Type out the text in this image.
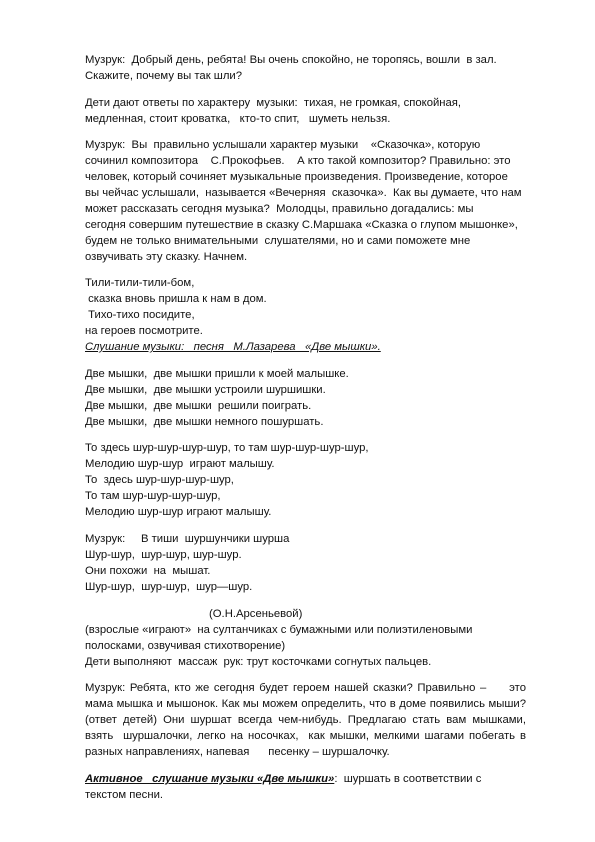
Музрук:  Добрый день, ребята! Вы очень спокойно, не торопясь, вошли  в зал.
Скажите, почему вы так шли?
Дети дают ответы по характеру  музыки:  тихая, не громкая, спокойная,
медленная, стоит кроватка,   кто-то спит,   шуметь нельзя.
Музрук:  Вы  правильно услышали характер музыки    «Сказочка», которую
сочинил композитора    С.Прокофьев.    А кто такой композитор? Правильно: это
человек, который сочиняет музыкальные произведения. Произведение, которое
вы чейчас услышали,  называется «Вечерняя  сказочка».  Как вы думаете, что нам
может рассказать сегодня музыка?  Молодцы, правильно догадались: мы
сегодня совершим путешествие в сказку С.Маршака «Сказка о глупом мышонке»,
будем не только внимательными  слушателями, но и сами поможете мне
озвучивать эту сказку. Начнем.
Тили-тили-тили-бом,
сказка вновь пришла к нам в дом.
Тихо-тихо посидите,
на героев посмотрите.
Слушание музыки:   песня   М.Лазарева   «Две мышки».
Две мышки,  две мышки пришли к моей малышке.
Две мышки,  две мышки устроили шуршишки.
Две мышки,  две мышки  решили поиграть.
Две мышки,  две мышки немного пошуршать.
То здесь шур-шур-шур-шур, то там шур-шур-шур-шур,
Мелодию шур-шур  играют малышу.
То  здесь шур-шур-шур-шур,
То там шур-шур-шур-шур,
Мелодию шур-шур играют малышу.
Музрук:     В тиши  шуршунчики шурша
Шур-шур,  шур-шур, шур-шур.
Они похожи  на  мышат.
Шур-шур,  шур-шур,  шур—шур.
(О.Н.Арсеньевой)
(взрослые «играют»  на султанчиках с бумажными или полиэтиленовыми
полосками, озвучивая стихотворение)
Дети выполняют  массаж  рук: трут косточками согнутых пальцев.
Музрук: Ребята, кто же сегодня будет героем нашей сказки? Правильно –     это
мама мышка и мышонок. Как мы можем определить, что в доме появились мыши?
(ответ детей) Они шуршат всегда чем-нибудь. Предлагаю стать вам мышками,
взять  шуршалочки, легко на носочках,  как мышки, мелкими шагами побегать в
разных направлениях, напевая      песенку – шуршалочку.
Активное   слушание музыки «Две мышки»:  шуршать в соответствии с
текстом песни.
